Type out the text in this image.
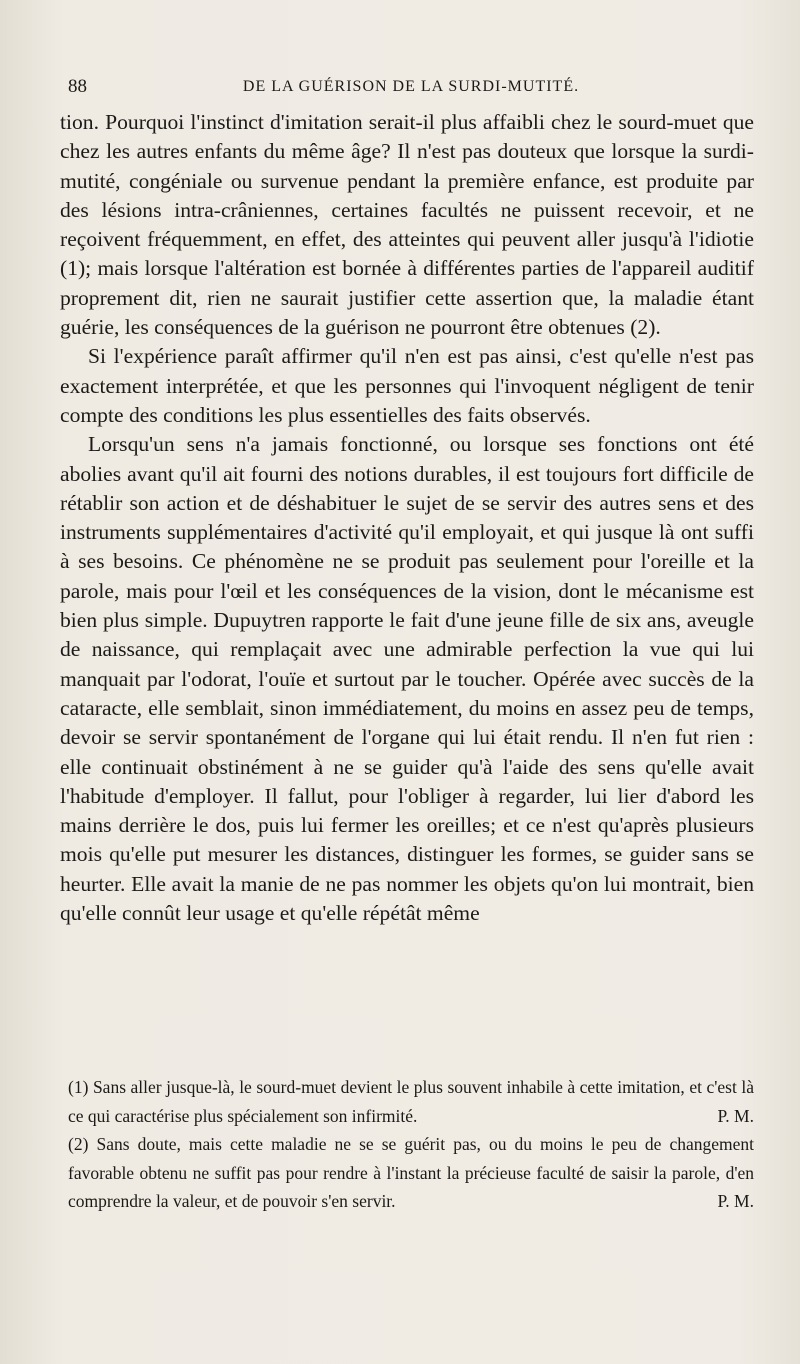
88	DE LA GUÉRISON DE LA SURDI-MUTITÉ.

tion. Pourquoi l'instinct d'imitation serait-il plus affaibli chez le sourd-muet que chez les autres enfants du même âge? Il n'est pas douteux que lorsque la surdi-mutité, congéniale ou survenue pendant la première enfance, est produite par des lésions intra-crâniennes, certaines facultés ne puissent recevoir, et ne reçoivent fréquemment, en effet, des atteintes qui peuvent aller jusqu'à l'idiotie (1); mais lorsque l'altération est bornée à différentes parties de l'appareil auditif proprement dit, rien ne saurait justifier cette assertion que, la maladie étant guérie, les conséquences de la guérison ne pourront être obtenues (2).

Si l'expérience paraît affirmer qu'il n'en est pas ainsi, c'est qu'elle n'est pas exactement interprétée, et que les personnes qui l'invoquent négligent de tenir compte des conditions les plus essentielles des faits observés.

Lorsqu'un sens n'a jamais fonctionné, ou lorsque ses fonctions ont été abolies avant qu'il ait fourni des notions durables, il est toujours fort difficile de rétablir son action et de déshabituer le sujet de se servir des autres sens et des instruments supplémentaires d'activité qu'il employait, et qui jusque là ont suffi à ses besoins. Ce phénomène ne se produit pas seulement pour l'oreille et la parole, mais pour l'œil et les conséquences de la vision, dont le mécanisme est bien plus simple. Dupuytren rapporte le fait d'une jeune fille de six ans, aveugle de naissance, qui remplaçait avec une admirable perfection la vue qui lui manquait par l'odorat, l'ouïe et surtout par le toucher. Opérée avec succès de la cataracte, elle semblait, sinon immédiatement, du moins en assez peu de temps, devoir se servir spontanément de l'organe qui lui était rendu. Il n'en fut rien : elle continuait obstinément à ne se guider qu'à l'aide des sens qu'elle avait l'habitude d'employer. Il fallut, pour l'obliger à regarder, lui lier d'abord les mains derrière le dos, puis lui fermer les oreilles; et ce n'est qu'après plusieurs mois qu'elle put mesurer les distances, distinguer les formes, se guider sans se heurter. Elle avait la manie de ne pas nommer les objets qu'on lui montrait, bien qu'elle connût leur usage et qu'elle répétât même

(1) Sans aller jusque-là, le sourd-muet devient le plus souvent inhabile à cette imitation, et c'est là ce qui caractérise plus spécialement son infirmité.	P. M.
(2) Sans doute, mais cette maladie ne se se guérit pas, ou du moins le peu de changement favorable obtenu ne suffit pas pour rendre à l'instant la précieuse faculté de saisir la parole, d'en comprendre la valeur, et de pouvoir s'en servir.	P. M.
